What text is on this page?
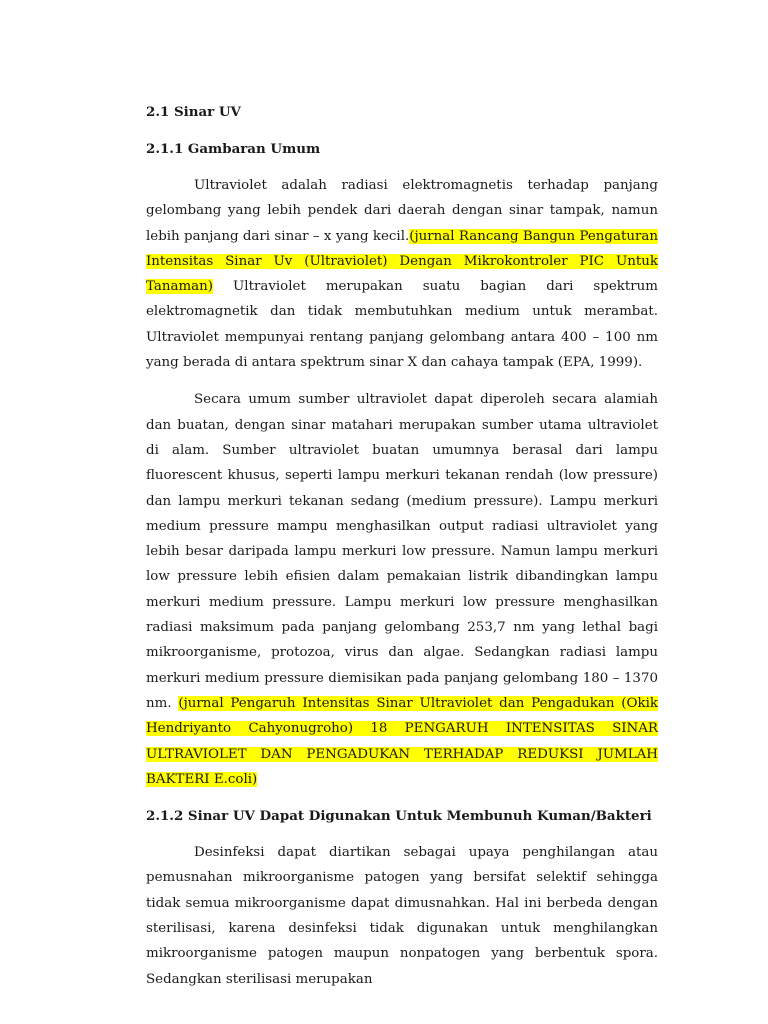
2.1 Sinar UV
2.1.1 Gambaran Umum

Ultraviolet adalah radiasi elektromagnetis terhadap panjang gelombang yang lebih pendek dari daerah dengan sinar tampak, namun lebih panjang dari sinar – x yang kecil.(jurnal Rancang Bangun Pengaturan Intensitas Sinar Uv (Ultraviolet) Dengan Mikrokontroler PIC Untuk Tanaman) Ultraviolet merupakan suatu bagian dari spektrum elektromagnetik dan tidak membutuhkan medium untuk merambat. Ultraviolet mempunyai rentang panjang gelombang antara 400 – 100 nm yang berada di antara spektrum sinar X dan cahaya tampak (EPA, 1999).

Secara umum sumber ultraviolet dapat diperoleh secara alamiah dan buatan, dengan sinar matahari merupakan sumber utama ultraviolet di alam. Sumber ultraviolet buatan umumnya berasal dari lampu fluorescent khusus, seperti lampu merkuri tekanan rendah (low pressure) dan lampu merkuri tekanan sedang (medium pressure). Lampu merkuri medium pressure mampu menghasilkan output radiasi ultraviolet yang lebih besar daripada lampu merkuri low pressure. Namun lampu merkuri low pressure lebih efisien dalam pemakaian listrik dibandingkan lampu merkuri medium pressure. Lampu merkuri low pressure menghasilkan radiasi maksimum pada panjang gelombang 253,7 nm yang lethal bagi mikroorganisme, protozoa, virus dan algae. Sedangkan radiasi lampu merkuri medium pressure diemisikan pada panjang gelombang 180 – 1370 nm. (jurnal Pengaruh Intensitas Sinar Ultraviolet dan Pengadukan (Okik Hendriyanto Cahyonugroho) 18 PENGARUH INTENSITAS SINAR ULTRAVIOLET DAN PENGADUKAN TERHADAP REDUKSI JUMLAH BAKTERI E.coli)

2.1.2 Sinar UV Dapat Digunakan Untuk Membunuh Kuman/Bakteri

Desinfeksi dapat diartikan sebagai upaya penghilangan atau pemusnahan mikroorganisme patogen yang bersifat selektif sehingga tidak semua mikroorganisme dapat dimusnahkan. Hal ini berbeda dengan sterilisasi, karena desinfeksi tidak digunakan untuk menghilangkan mikroorganisme patogen maupun nonpatogen yang berbentuk spora. Sedangkan sterilisasi merupakan
